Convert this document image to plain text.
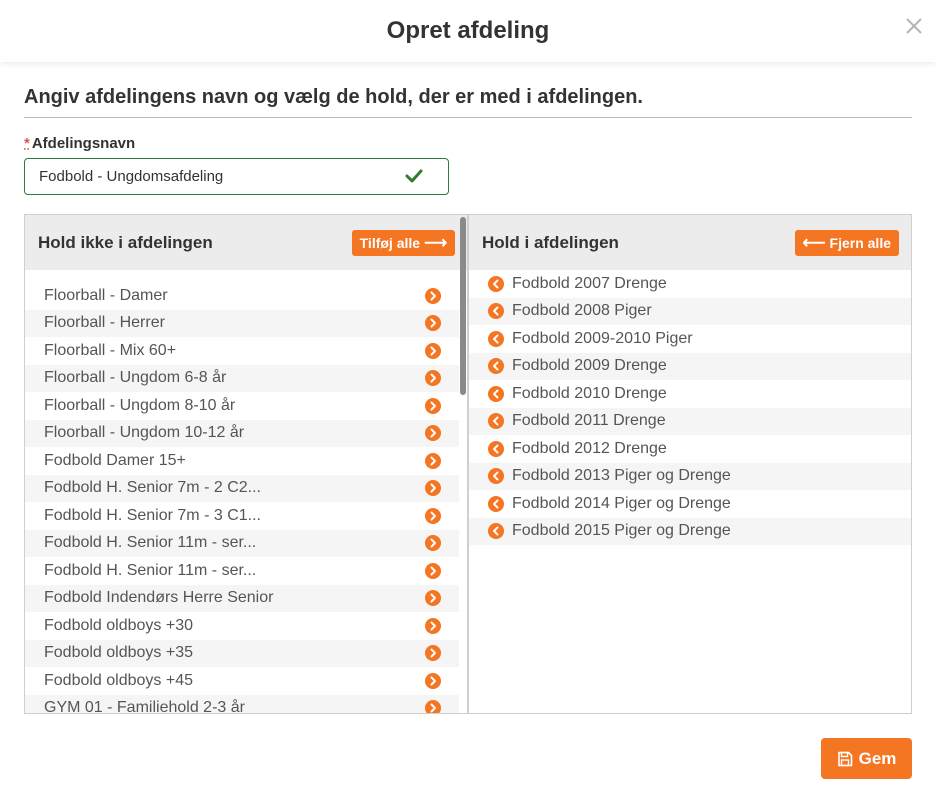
Opret afdeling
Angiv afdelingens navn og vælg de hold, der er med i afdelingen.
* Afdelingsnavn
Fodbold - Ungdomsafdeling
Hold ikke i afdelingen	Tilføj alle ⟶
Floorball - Damer
Floorball - Herrer
Floorball - Mix 60+
Floorball - Ungdom 6-8 år
Floorball - Ungdom 8-10 år
Floorball - Ungdom 10-12 år
Fodbold Damer 15+
Fodbold H. Senior 7m - 2 C2...
Fodbold H. Senior 7m - 3 C1...
Fodbold H. Senior 11m - ser...
Fodbold H. Senior 11m - ser...
Fodbold Indendørs Herre Senior
Fodbold oldboys +30
Fodbold oldboys +35
Fodbold oldboys +45
GYM 01 - Familiehold 2-3 år
Hold i afdelingen	⟵ Fjern alle
Fodbold 2007 Drenge
Fodbold 2008 Piger
Fodbold 2009-2010 Piger
Fodbold 2009 Drenge
Fodbold 2010 Drenge
Fodbold 2011 Drenge
Fodbold 2012 Drenge
Fodbold 2013 Piger og Drenge
Fodbold 2014 Piger og Drenge
Fodbold 2015 Piger og Drenge
Gem
